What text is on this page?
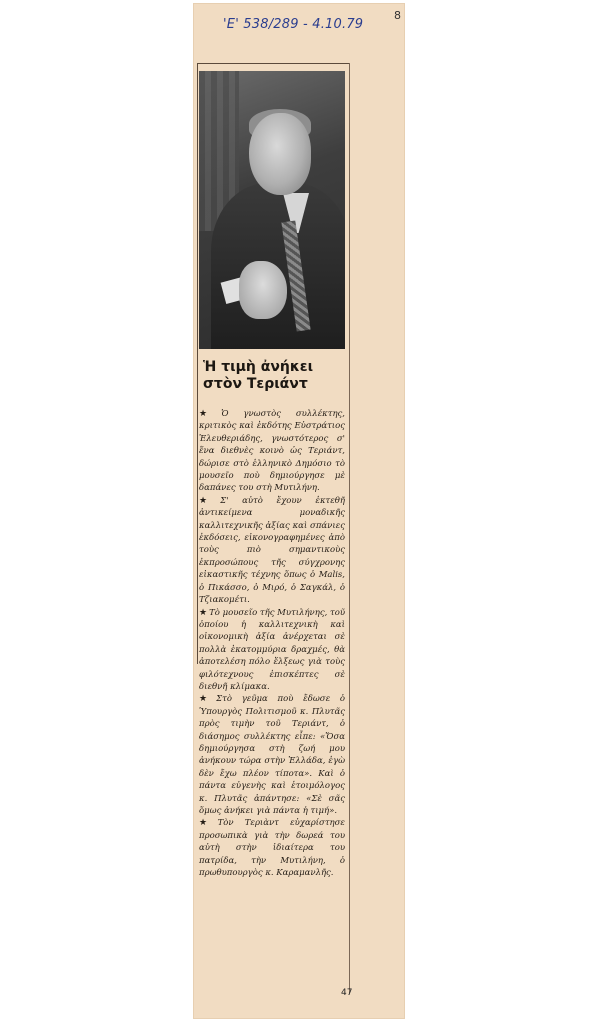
'Ε' 538/289 - 4.10.79
8
Ἡ τιμὴ ἀνήκει στὸν Τεριάντ

★ Ὁ γνωστὸς συλλέκτης, κριτικὸς καὶ ἐκδότης Εὐστράτιος Ἐλευθεριάδης, γνωστότερος σ' ἕνα διεθνὲς κοινὸ ὡς Τεριάντ, δώρισε στὸ ἑλληνικὸ Δημόσιο τὸ μουσεῖο ποὺ δημιούργησε μὲ δαπάνες του στὴ Μυτιλήνη.

★ Σ' αὐτὸ ἔχουν ἐκτεθῆ ἀντικείμενα μοναδικῆς καλλιτεχνικῆς ἀξίας καὶ σπάνιες ἐκδόσεις, εἰκονογραφημένες ἀπὸ τοὺς πιὸ σημαντικοὺς ἐκπροσώπους τῆς σύγχρονης εἰκαστικῆς τέχνης ὅπως ὁ Malis, ὁ Πικάσσο, ὁ Μιρό, ὁ Σαγκάλ, ὁ Τζιακομέτι.

★ Τὸ μουσεῖο τῆς Μυτιλήνης, τοῦ ὁποίου ἡ καλλιτεχνικὴ καὶ οἰκονομικὴ ἀξία ἀνέρχεται σὲ πολλὰ ἑκατομμύρια δραχμές, θὰ ἀποτελέση πόλο ἕλξεως γιὰ τοὺς φιλότεχνους ἐπισκέπτες σὲ διεθνῆ κλίμακα.

★ Στὸ γεῦμα ποὺ ἔδωσε ὁ Ὑπουργὸς Πολιτισμοῦ κ. Πλυτᾶς πρὸς τιμὴν τοῦ Τεριάντ, ὁ διάσημος συλλέκτης εἶπε: «Ὅσα δημιούργησα στὴ ζωή μου ἀνήκουν τώρα στὴν Ἑλλάδα, ἐγὼ δὲν ἔχω πλέον τίποτα». Καὶ ὁ πάντα εὐγενὴς καὶ ἑτοιμόλογος κ. Πλυτᾶς ἀπάντησε: «Σὲ σᾶς ὅμως ἀνήκει γιὰ πάντα ἡ τιμή».

★ Τὸν Τεριὰντ εὐχαρίστησε προσωπικὰ γιὰ τὴν δωρεά του αὐτὴ στὴν ἰδιαίτερα του πατρίδα, τὴν Μυτιλήνη, ὁ πρωθυπουργὸς κ. Καραμανλῆς.

47
